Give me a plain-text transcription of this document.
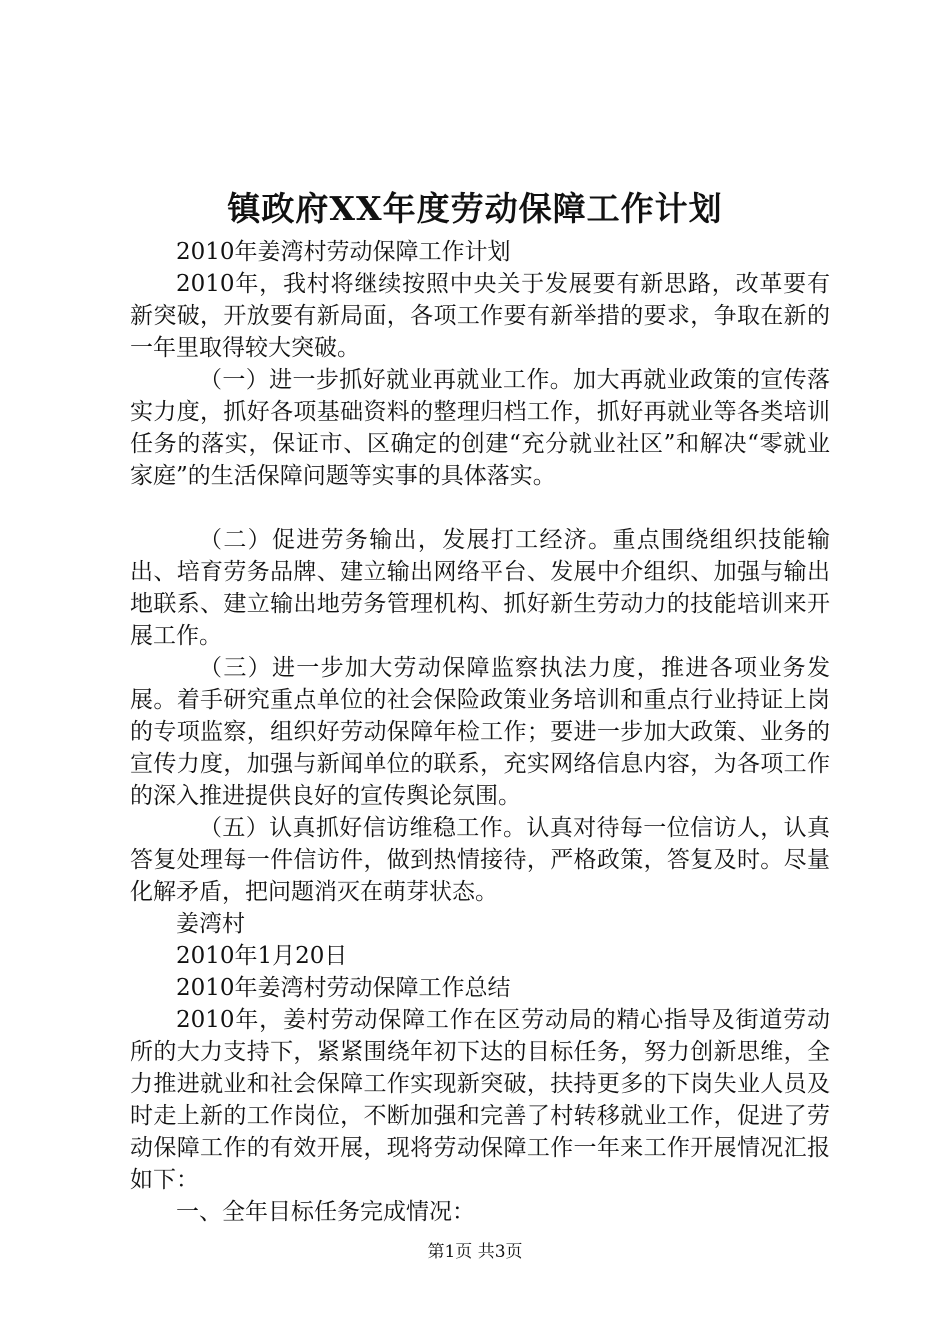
镇政府XX年度劳动保障工作计划

2010年姜湾村劳动保障工作计划

2010年，我村将继续按照中央关于发展要有新思路，改革要有新突破，开放要有新局面，各项工作要有新举措的要求，争取在新的一年里取得较大突破。

（一）进一步抓好就业再就业工作。加大再就业政策的宣传落实力度，抓好各项基础资料的整理归档工作，抓好再就业等各类培训任务的落实，保证市、区确定的创建“充分就业社区”和解决“零就业家庭”的生活保障问题等实事的具体落实。

（二）促进劳务输出，发展打工经济。重点围绕组织技能输出、培育劳务品牌、建立输出网络平台、发展中介组织、加强与输出地联系、建立输出地劳务管理机构、抓好新生劳动力的技能培训来开展工作。

（三）进一步加大劳动保障监察执法力度，推进各项业务发展。着手研究重点单位的社会保险政策业务培训和重点行业持证上岗的专项监察，组织好劳动保障年检工作；要进一步加大政策、业务的宣传力度，加强与新闻单位的联系，充实网络信息内容，为各项工作的深入推进提供良好的宣传舆论氛围。

（五）认真抓好信访维稳工作。认真对待每一位信访人，认真答复处理每一件信访件，做到热情接待，严格政策，答复及时。尽量化解矛盾，把问题消灭在萌芽状态。

姜湾村

2010年1月20日

2010年姜湾村劳动保障工作总结

2010年，姜村劳动保障工作在区劳动局的精心指导及街道劳动所的大力支持下，紧紧围绕年初下达的目标任务，努力创新思维，全力推进就业和社会保障工作实现新突破，扶持更多的下岗失业人员及时走上新的工作岗位，不断加强和完善了村转移就业工作，促进了劳动保障工作的有效开展，现将劳动保障工作一年来工作开展情况汇报如下：

一、全年目标任务完成情况：

第1页 共3页
